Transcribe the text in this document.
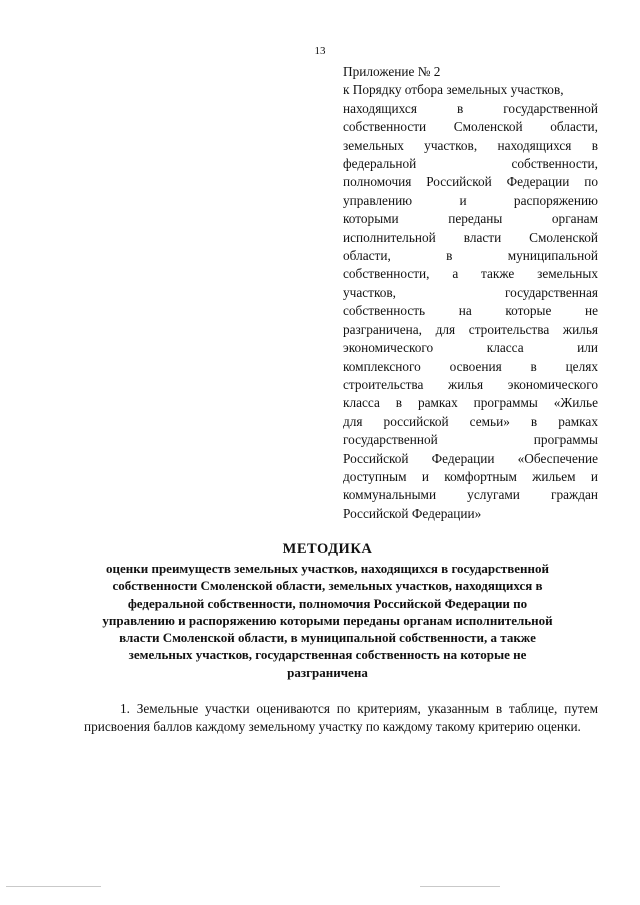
13
Приложение № 2
к Порядку отбора земельных участков,
находящихся в государственной
собственности Смоленской области,
земельных участков, находящихся в
федеральной собственности,
полномочия Российской Федерации по
управлению и распоряжению
которыми переданы органам
исполнительной власти Смоленской
области, в муниципальной
собственности, а также земельных
участков, государственная
собственность на которые не
разграничена, для строительства жилья
экономического класса или
комплексного освоения в целях
строительства жилья экономического
класса в рамках программы «Жилье
для российской семьи» в рамках
государственной программы
Российской Федерации «Обеспечение
доступным и комфортным жильем и
коммунальными услугами граждан
Российской Федерации»
МЕТОДИКА
оценки преимуществ земельных участков, находящихся в государственной
собственности Смоленской области, земельных участков, находящихся в
федеральной собственности, полномочия Российской Федерации по
управлению и распоряжению которыми переданы органам исполнительной
власти Смоленской области, в муниципальной собственности, а также
земельных участков, государственная собственность на которые не
разграничена
1. Земельные участки оцениваются по критериям, указанным в таблице, путем присвоения баллов каждому земельному участку по каждому такому критерию оценки.
